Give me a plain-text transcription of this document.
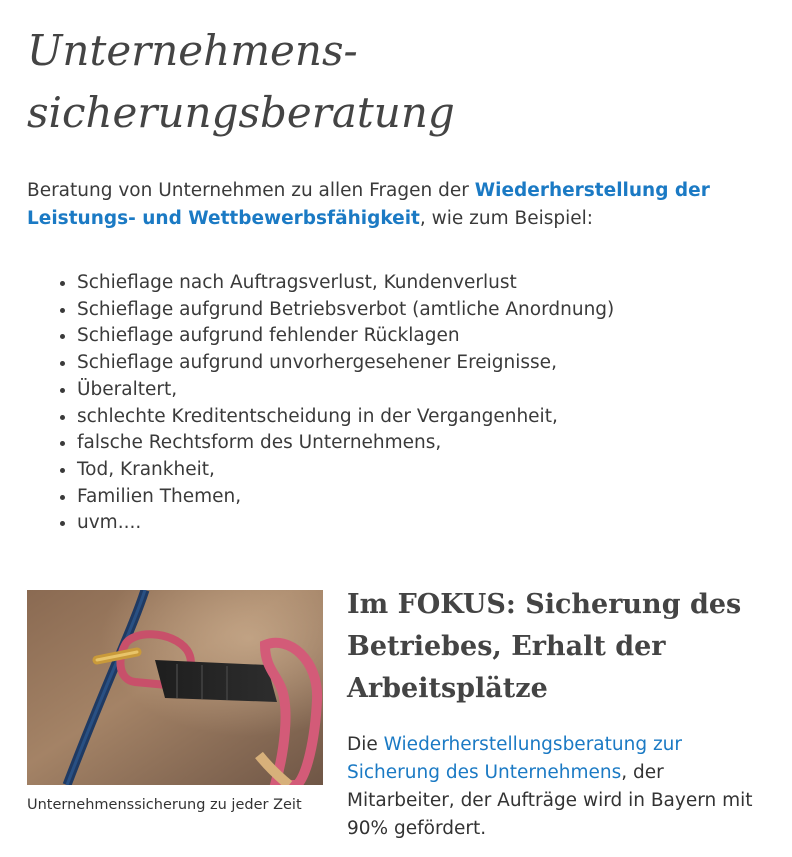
Unternehmens-
sicherungsberatung

Beratung von Unternehmen zu allen Fragen der Wiederherstellung der Leistungs- und Wettbewerbsfähigkeit, wie zum Beispiel:

• Schieflage nach Auftragsverlust, Kundenverlust
• Schieflage aufgrund Betriebsverbot (amtliche Anordnung)
• Schieflage aufgrund fehlender Rücklagen
• Schieflage aufgrund unvorhergesehener Ereignisse,
• Überaltert,
• schlechte Kreditentscheidung in der Vergangenheit,
• falsche Rechtsform des Unternehmens,
• Tod, Krankheit,
• Familien Themen,
• uvm....
Unternehmenssicherung zu jeder Zeit
Im FOKUS: Sicherung des Betriebes, Erhalt der Arbeitsplätze

Die Wiederherstellungsberatung zur Sicherung des Unternehmens, der Mitarbeiter, der Aufträge wird in Bayern mit 90% gefördert.
